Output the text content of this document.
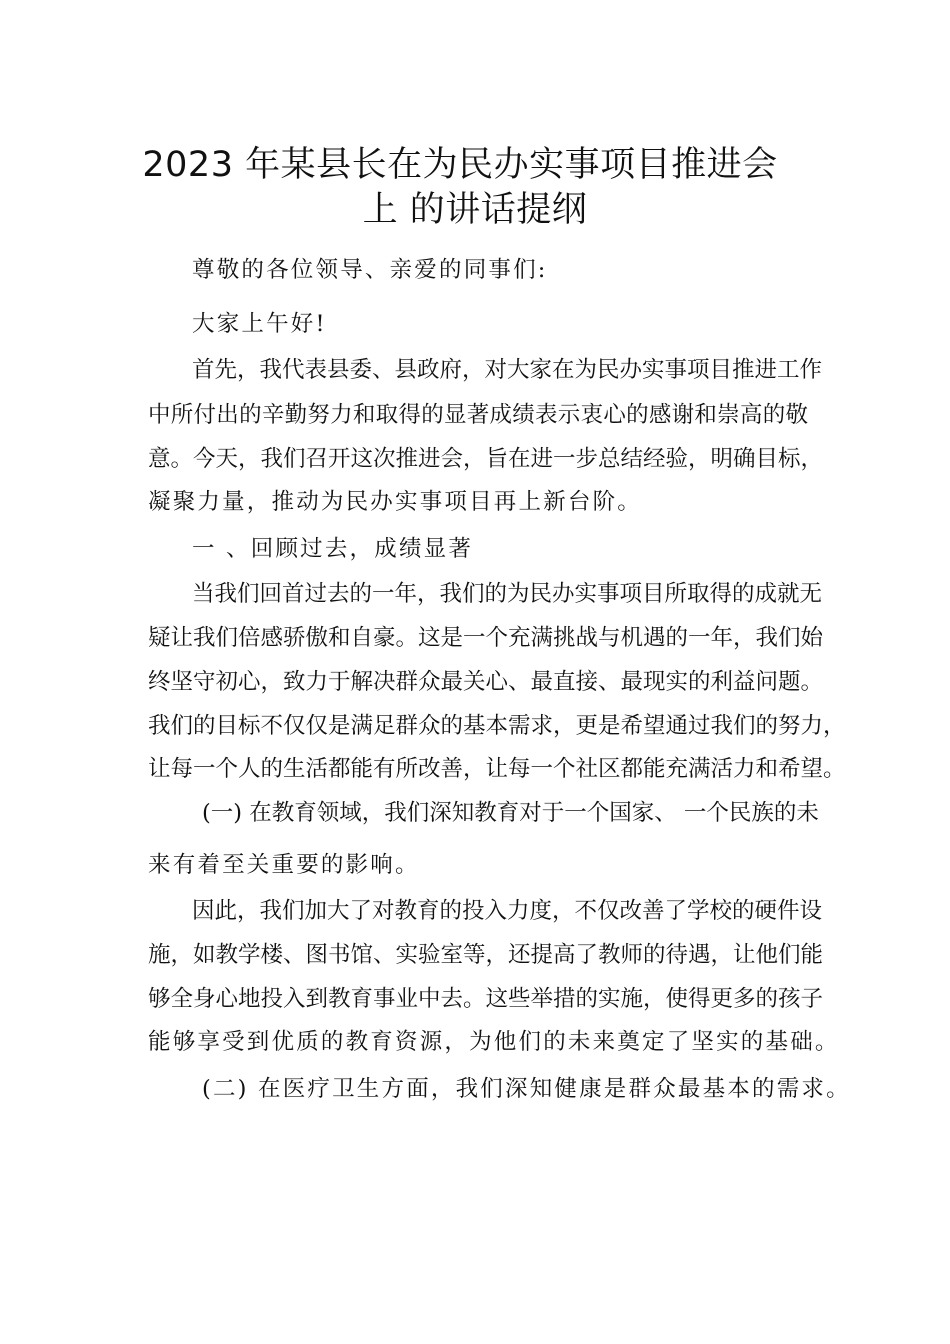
2023 年某县长在为民办实事项目推进会
上 的讲话提纲
尊敬的各位领导、亲爱的同事们:
大家上午好!
首先，我代表县委、县政府，对大家在为民办实事项目推进工作
中所付出的辛勤努力和取得的显著成绩表示衷心的感谢和崇高的敬
意。今天，我们召开这次推进会，旨在进一步总结经验，明确目标，
凝聚力量，推动为民办实事项目再上新台阶。
一 、回顾过去，成绩显著
当我们回首过去的一年，我们的为民办实事项目所取得的成就无
疑让我们倍感骄傲和自豪。这是一个充满挑战与机遇的一年，我们始
终坚守初心，致力于解决群众最关心、最直接、最现实的利益问题。
我们的目标不仅仅是满足群众的基本需求，更是希望通过我们的努力，
让每一个人的生活都能有所改善，让每一个社区都能充满活力和希望。
(一) 在教育领域，我们深知教育对于一个国家、 一个民族的未
来有着至关重要的影响。
因此，我们加大了对教育的投入力度，不仅改善了学校的硬件设
施，如教学楼、图书馆、实验室等，还提高了教师的待遇，让他们能
够全身心地投入到教育事业中去。这些举措的实施，使得更多的孩子
能够享受到优质的教育资源，为他们的未来奠定了坚实的基础。
(二) 在医疗卫生方面，我们深知健康是群众最基本的需求。
